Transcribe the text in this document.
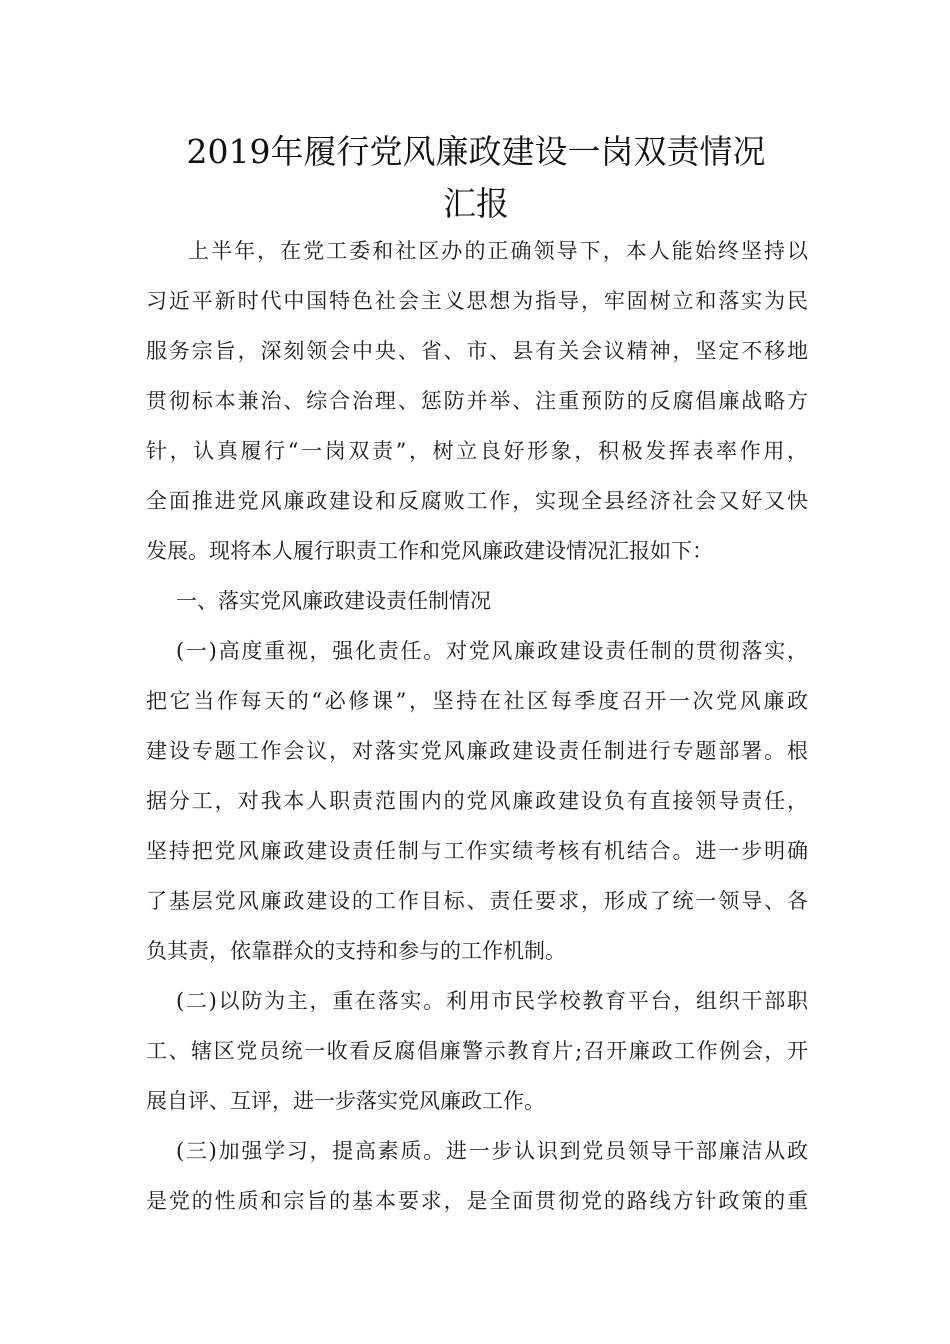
2019年履行党风廉政建设一岗双责情况
汇报
上半年，在党工委和社区办的正确领导下，本人能始终坚持以
习近平新时代中国特色社会主义思想为指导，牢固树立和落实为民
服务宗旨，深刻领会中央、省、市、县有关会议精神，坚定不移地
贯彻标本兼治、综合治理、惩防并举、注重预防的反腐倡廉战略方
针，认真履行“一岗双责”，树立良好形象，积极发挥表率作用，
全面推进党风廉政建设和反腐败工作，实现全县经济社会又好又快
发展。现将本人履行职责工作和党风廉政建设情况汇报如下：
一、落实党风廉政建设责任制情况
(一)高度重视，强化责任。对党风廉政建设责任制的贯彻落实，
把它当作每天的“必修课”，坚持在社区每季度召开一次党风廉政
建设专题工作会议，对落实党风廉政建设责任制进行专题部署。根
据分工，对我本人职责范围内的党风廉政建设负有直接领导责任，
坚持把党风廉政建设责任制与工作实绩考核有机结合。进一步明确
了基层党风廉政建设的工作目标、责任要求，形成了统一领导、各
负其责，依靠群众的支持和参与的工作机制。
(二)以防为主，重在落实。利用市民学校教育平台，组织干部职
工、辖区党员统一收看反腐倡廉警示教育片;召开廉政工作例会，开
展自评、互评，进一步落实党风廉政工作。
(三)加强学习，提高素质。进一步认识到党员领导干部廉洁从政
是党的性质和宗旨的基本要求，是全面贯彻党的路线方针政策的重
